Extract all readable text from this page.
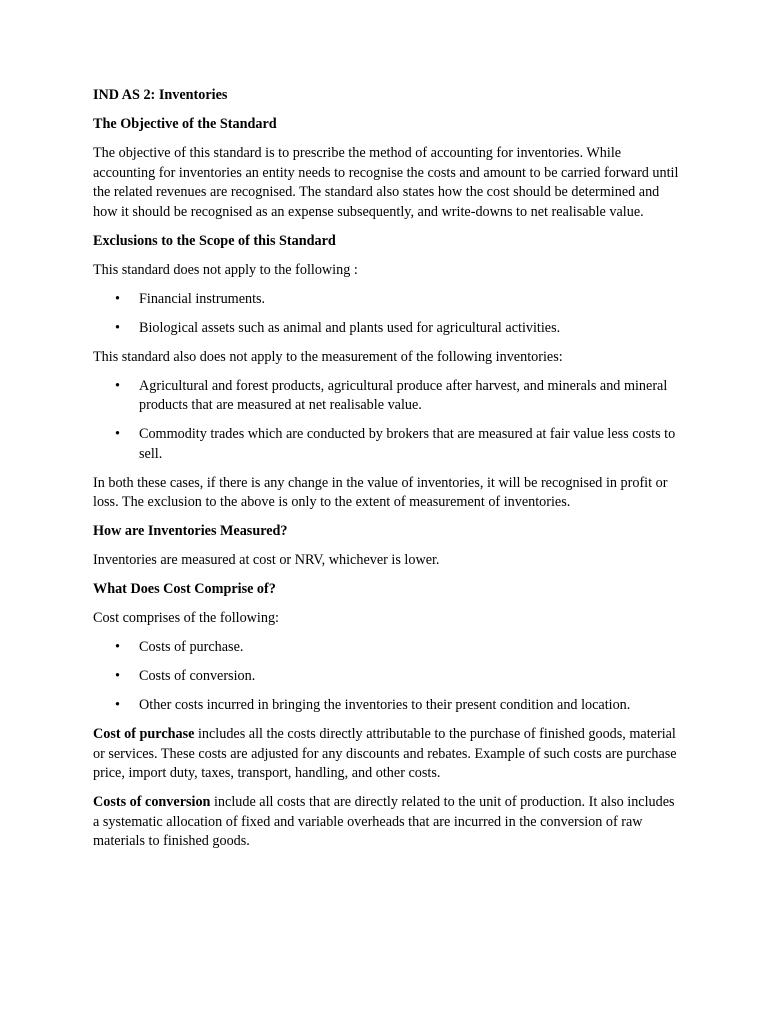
IND AS 2: Inventories

The Objective of the Standard

The objective of this standard is to prescribe the method of accounting for inventories. While accounting for inventories an entity needs to recognise the costs and amount to be carried forward until the related revenues are recognised. The standard also states how the cost should be determined and how it should be recognised as an expense subsequently, and write-downs to net realisable value.

Exclusions to the Scope of this Standard

This standard does not apply to the following :

• Financial instruments.
• Biological assets such as animal and plants used for agricultural activities.

This standard also does not apply to the measurement of the following inventories:

• Agricultural and forest products, agricultural produce after harvest, and minerals and mineral products that are measured at net realisable value.
• Commodity trades which are conducted by brokers that are measured at fair value less costs to sell.

In both these cases, if there is any change in the value of inventories, it will be recognised in profit or loss. The exclusion to the above is only to the extent of measurement of inventories.

How are Inventories Measured?

Inventories are measured at cost or NRV, whichever is lower.

What Does Cost Comprise of?

Cost comprises of the following:

• Costs of purchase.
• Costs of conversion.
• Other costs incurred in bringing the inventories to their present condition and location.

Cost of purchase includes all the costs directly attributable to the purchase of finished goods, material or services. These costs are adjusted for any discounts and rebates. Example of such costs are purchase price, import duty, taxes, transport, handling, and other costs.

Costs of conversion include all costs that are directly related to the unit of production. It also includes a systematic allocation of fixed and variable overheads that are incurred in the conversion of raw materials to finished goods.
